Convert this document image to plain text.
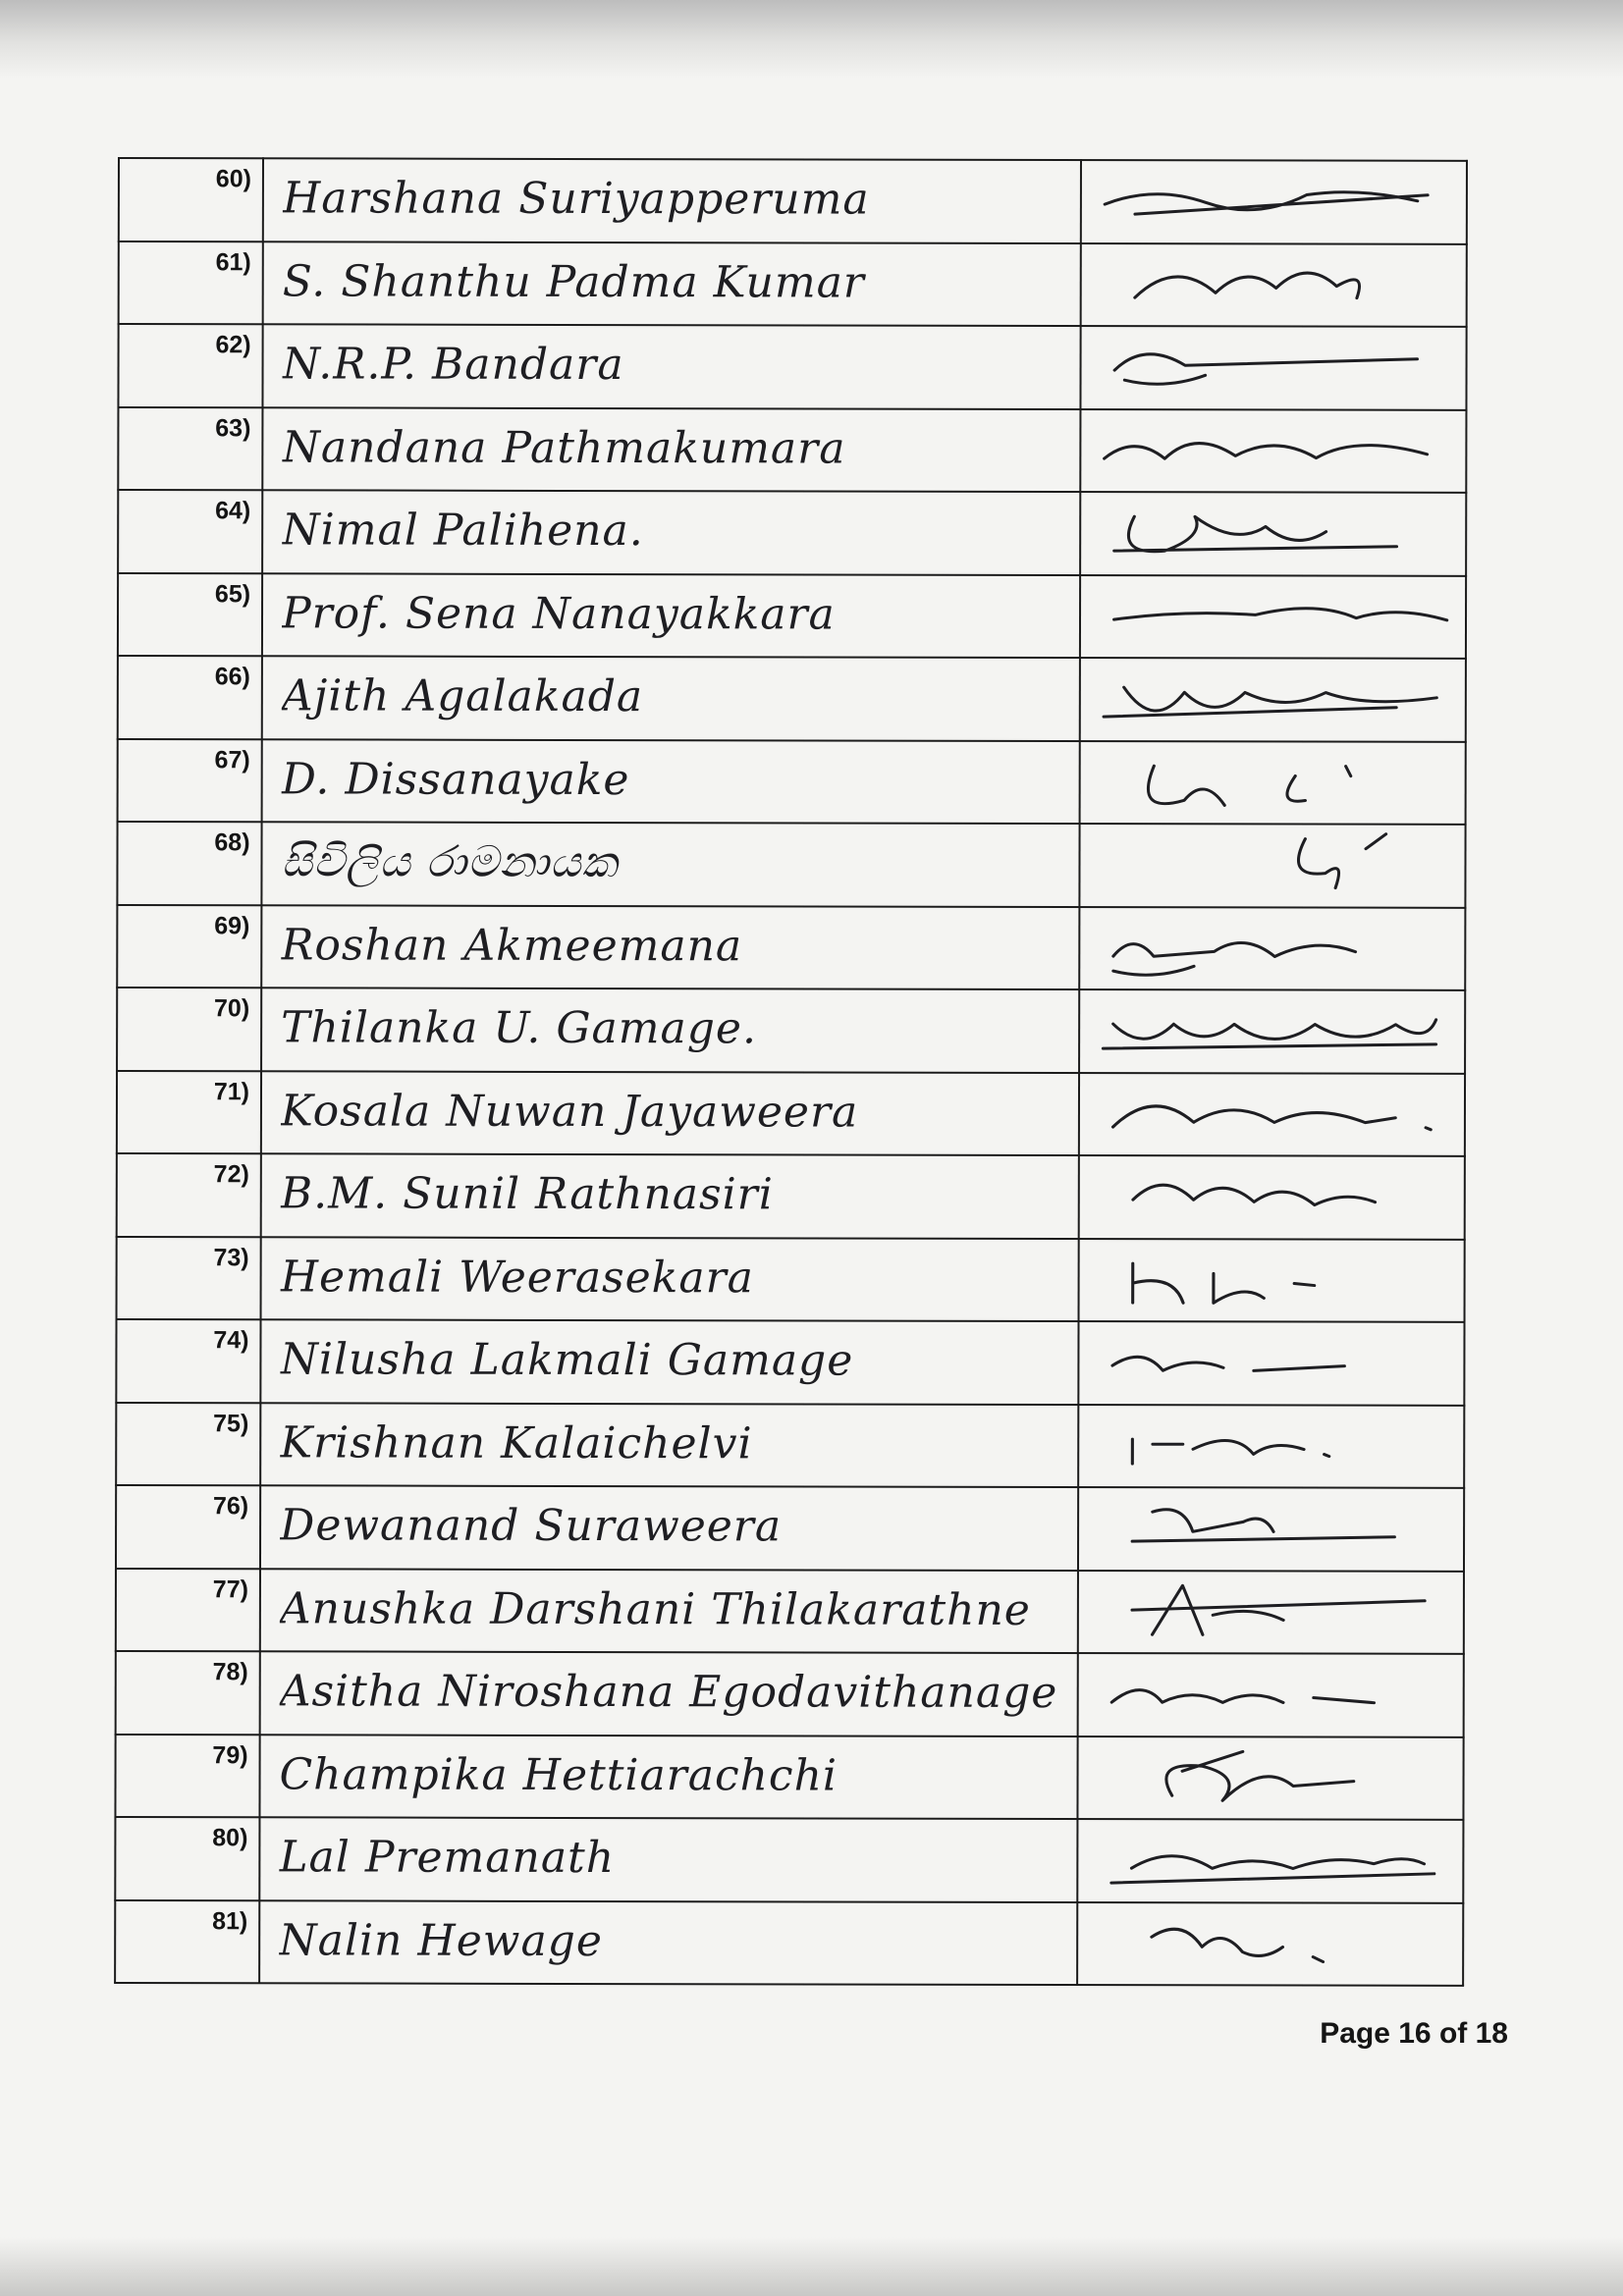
60) Harshana Suriyapperuma
61) S. Shanthu Padma Kumar
62) N.R.P. Bandara
63) Nandana Pathmakumara
64) Nimal Palihena.
65) Prof. Sena Nanayakkara
66) Ajith Agalakada
67) D. Dissanayake
68) සිවිලිය රාමනායක
69) Roshan Akmeemana
70) Thilanka U. Gamage.
71) Kosala Nuwan Jayaweera
72) B.M. Sunil Rathnasiri
73) Hemali Weerasekara
74) Nilusha Lakmali Gamage
75) Krishnan Kalaichelvi
76) Dewanand Suraweera
77) Anushka Darshani Thilakarathne
78) Asitha Niroshana Egodavithanage
79) Champika Hettiarachchi
80) Lal Premanath
81) Nalin Hewage
Page 16 of 18
